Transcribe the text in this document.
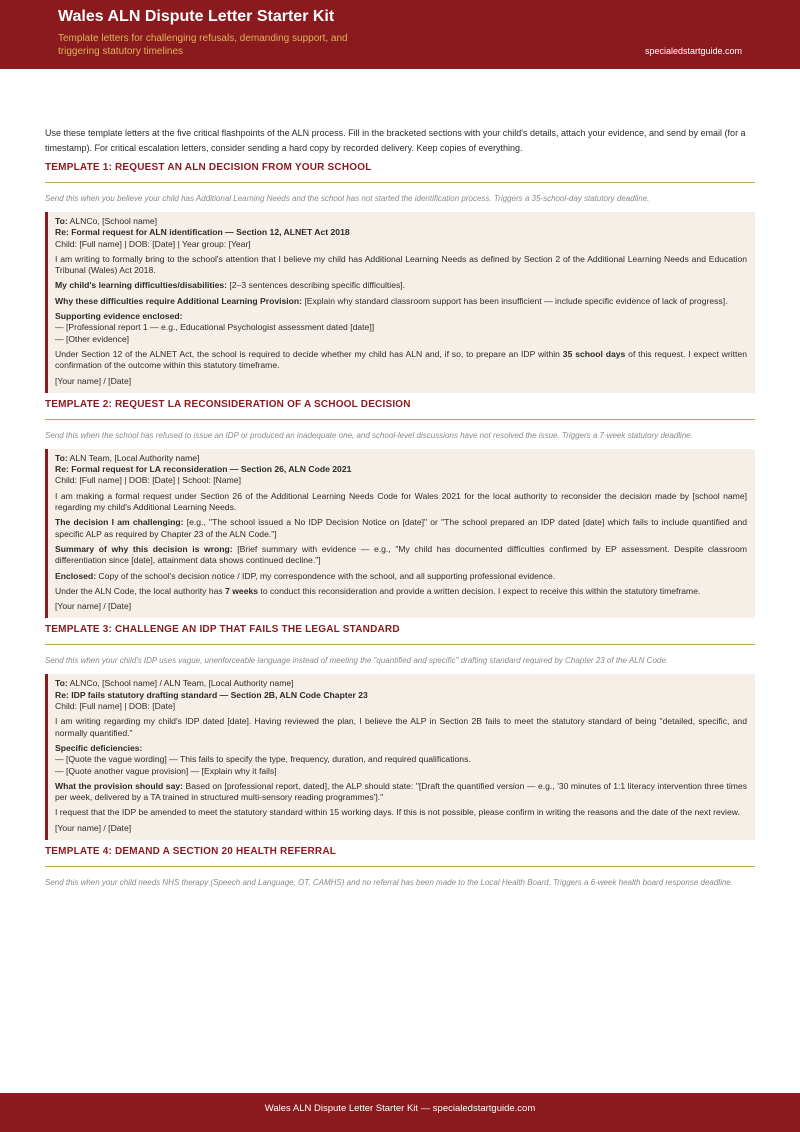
Wales ALN Dispute Letter Starter Kit
Template letters for challenging refusals, demanding support, and triggering statutory timelines	specialedstartguide.com

Use these template letters at the five critical flashpoints of the ALN process. Fill in the bracketed sections with your child's details, attach your evidence, and send by email (for a timestamp). For critical escalation letters, consider sending a hard copy by recorded delivery. Keep copies of everything.

TEMPLATE 1: REQUEST AN ALN DECISION FROM YOUR SCHOOL
Send this when you believe your child has Additional Learning Needs and the school has not started the identification process. Triggers a 35-school-day statutory deadline.

To: ALNCo, [School name]

Re: Formal request for ALN identification — Section 12, ALNET Act 2018

Child: [Full name] | DOB: [Date] | Year group: [Year]

I am writing to formally bring to the school's attention that I believe my child has Additional Learning Needs as defined by Section 2 of the Additional Learning Needs and Education Tribunal (Wales) Act 2018.

My child's learning difficulties/disabilities: [2–3 sentences describing specific difficulties].

Why these difficulties require Additional Learning Provision: [Explain why standard classroom support has been insufficient — include specific evidence of lack of progress].

Supporting evidence enclosed:

— [Professional report 1 — e.g., Educational Psychologist assessment dated [date]]

— [Other evidence]

Under Section 12 of the ALNET Act, the school is required to decide whether my child has ALN and, if so, to prepare an IDP within 35 school days of this request. I expect written confirmation of the outcome within this statutory timeframe.

[Your name] / [Date]

TEMPLATE 2: REQUEST LA RECONSIDERATION OF A SCHOOL DECISION
Send this when the school has refused to issue an IDP or produced an inadequate one, and school-level discussions have not resolved the issue. Triggers a 7-week statutory deadline.

To: ALN Team, [Local Authority name]

Re: Formal request for LA reconsideration — Section 26, ALN Code 2021

Child: [Full name] | DOB: [Date] | School: [Name]

I am making a formal request under Section 26 of the Additional Learning Needs Code for Wales 2021 for the local authority to reconsider the decision made by [school name] regarding my child's Additional Learning Needs.

The decision I am challenging: [e.g., "The school issued a No IDP Decision Notice on [date]" or "The school prepared an IDP dated [date] which fails to include quantified and specific ALP as required by Chapter 23 of the ALN Code."]

Summary of why this decision is wrong: [Brief summary with evidence — e.g., "My child has documented difficulties confirmed by EP assessment. Despite classroom differentiation since [date], attainment data shows continued decline."]

Enclosed: Copy of the school's decision notice / IDP, my correspondence with the school, and all supporting professional evidence.

Under the ALN Code, the local authority has 7 weeks to conduct this reconsideration and provide a written decision. I expect to receive this within the statutory timeframe.

[Your name] / [Date]

TEMPLATE 3: CHALLENGE AN IDP THAT FAILS THE LEGAL STANDARD
Send this when your child's IDP uses vague, unenforceable language instead of meeting the "quantified and specific" drafting standard required by Chapter 23 of the ALN Code.

To: ALNCo, [School name] / ALN Team, [Local Authority name]

Re: IDP fails statutory drafting standard — Section 2B, ALN Code Chapter 23

Child: [Full name] | DOB: [Date]

I am writing regarding my child's IDP dated [date]. Having reviewed the plan, I believe the ALP in Section 2B fails to meet the statutory standard of being "detailed, specific, and normally quantified."

Specific deficiencies:

— [Quote the vague wording] — This fails to specify the type, frequency, duration, and required qualifications.

— [Quote another vague provision] — [Explain why it fails]

What the provision should say: Based on [professional report, dated], the ALP should state: "[Draft the quantified version — e.g., '30 minutes of 1:1 literacy intervention three times per week, delivered by a TA trained in structured multi-sensory reading programmes']."

I request that the IDP be amended to meet the statutory standard within 15 working days. If this is not possible, please confirm in writing the reasons and the date of the next review.

[Your name] / [Date]

TEMPLATE 4: DEMAND A SECTION 20 HEALTH REFERRAL
Send this when your child needs NHS therapy (Speech and Language, OT, CAMHS) and no referral has been made to the Local Health Board. Triggers a 6-week health board response deadline.
Wales ALN Dispute Letter Starter Kit — specialedstartguide.com
